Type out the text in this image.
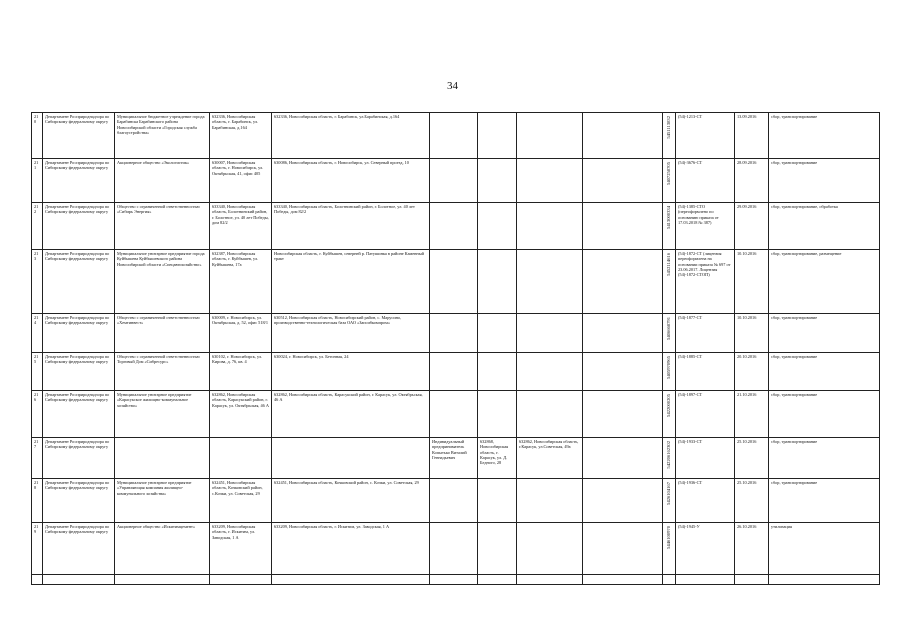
34
210	Департамент Росприроднадзора по Сибирскому федеральному округу	Муниципальное бюджетное учреждение города Барабинска Барабинского района Новосибирской области «Городская служба благоустройства»	632336, Новосибирская область, г. Барабинск, ул. Барабинская, д.164	632336, Новосибирская область, г. Барабинск, ул.Барабинская, д.164					5451113832	(54)-1213-СТ	13.09.2016	сбор, транспортирование
211	Департамент Росприроднадзора по Сибирскому федеральному округу	Акционерное общество «Экологистик»	630007, Новосибирская область, г. Новосибирск, ул. Октябрьская, 41, офис 405	630086, Новосибирская область, г. Новосибирск, ул. Северный проезд, 10					5407258705	(54)-3676-СТ	28.09.2016	сбор, транспортирование
212	Департамент Росприроднадзора по Сибирскому федеральному округу	Общество с ограниченной ответственностью «Сибирь Энергия»	633340, Новосибирская область, Болотнинский район, г. Болотное, ул. 40 лет Победы, дом 82/2	633340, Новосибирская область, Болотнинский район, г. Болотное, ул. 40 лет Победы, дом 82/2					5413000334	(54)-1385-СТО (переоформлено по основанию приказа от 17.03.2018 № 387)	29.09.2016	сбор, транспортирование, обработка
213	Департамент Росприроднадзора по Сибирскому федеральному округу	Муниципальное унитарное предприятие города Куйбышева Куйбышевского района Новосибирской области «Спецавтохозяйство»	632387, Новосибирская область, г. Куйбышев, ул. Куйбышева, 17а	Новосибирская область, г. Куйбышев, северней р. Патушинка в районе Каменный тракт					5452114616	(54)-1872-СТ (лицензия переоформлена на основании приказа № 697 от 23.06.2017. Лицензия (54)-1872-СТОП)	10.10.2016	сбор, транспортирование, размещение
214	Департамент Росприроднадзора по Сибирскому федеральному округу	Общество с ограниченной ответственностью «Хемтинвест»	630009, г. Новосибирск, ул. Октябрьская, д. 52, офис 518/1	630512, Новосибирская область, Новосибирский район, с. Марусино, производственно-технологическая база ОАО «Запсибкомпром»					5406668791	(54)-1877-СТ	10.10.2016	сбор, транспортирование
215	Департамент Росприроднадзора по Сибирскому федеральному округу	Общество с ограниченной ответственностью Торговый Дом «Сибресурс»	630102, г. Новосибирск, ул. Кирова, д. 76, кв. 4	630024, г. Новосибирск, ул. Бетонная, 24					5405970965	(54)-1885-СТ	20.10.2016	сбор, транспортирование
216	Департамент Росприроднадзора по Сибирскому федеральному округу	Муниципальное унитарное предприятие «Карасукское жилищно-коммунальное хозяйство»	632862, Новосибирская область, Карасукский район, г. Карасук, ул. Октябрьская, 46 А	632862, Новосибирская область, Карасукский район, г. Карасук, ул. Октябрьская, 46 А					5422000205	(54)-1897-СТ	21.10.2016	сбор, транспортирование
217	Департамент Росприроднадзора по Сибирскому федеральному округу				Индивидуальный предприниматель Копытько Виталий Геннадьевич	632868, Новосибирская область, г. Карасук, ул. Д. Бедного, 28	632862, Новосибирская область, г.Карасук, ул.Советская, 49а		542206162302	(54)-1933-СТ	25.10.2016	сбор, транспортирование
218	Департамент Росприроднадзора по Сибирскому федеральному округу	Муниципальное унитарное предприятие «Управляющая компания жилищно-коммунального хозяйства»	632451, Новосибирская область, Кочковский район, с.Кочки, ул. Советская, 29	632451, Новосибирская область, Кочковский район, с. Кочки, ул. Советская, 29					5426104167	(54)-1936-СТ	25.10.2016	сбор, транспортирование
219	Департамент Росприроднадзора по Сибирскому федеральному округу	Акционерное общество «Искитимцемент»	633209, Новосибирская область, г. Искитим, ул. Заводская, 1 А	633209, Новосибирская область, г. Искитим, ул. Заводская, 1 А					5446100970	(54)-1945-У	26.10.2016	утилизация
